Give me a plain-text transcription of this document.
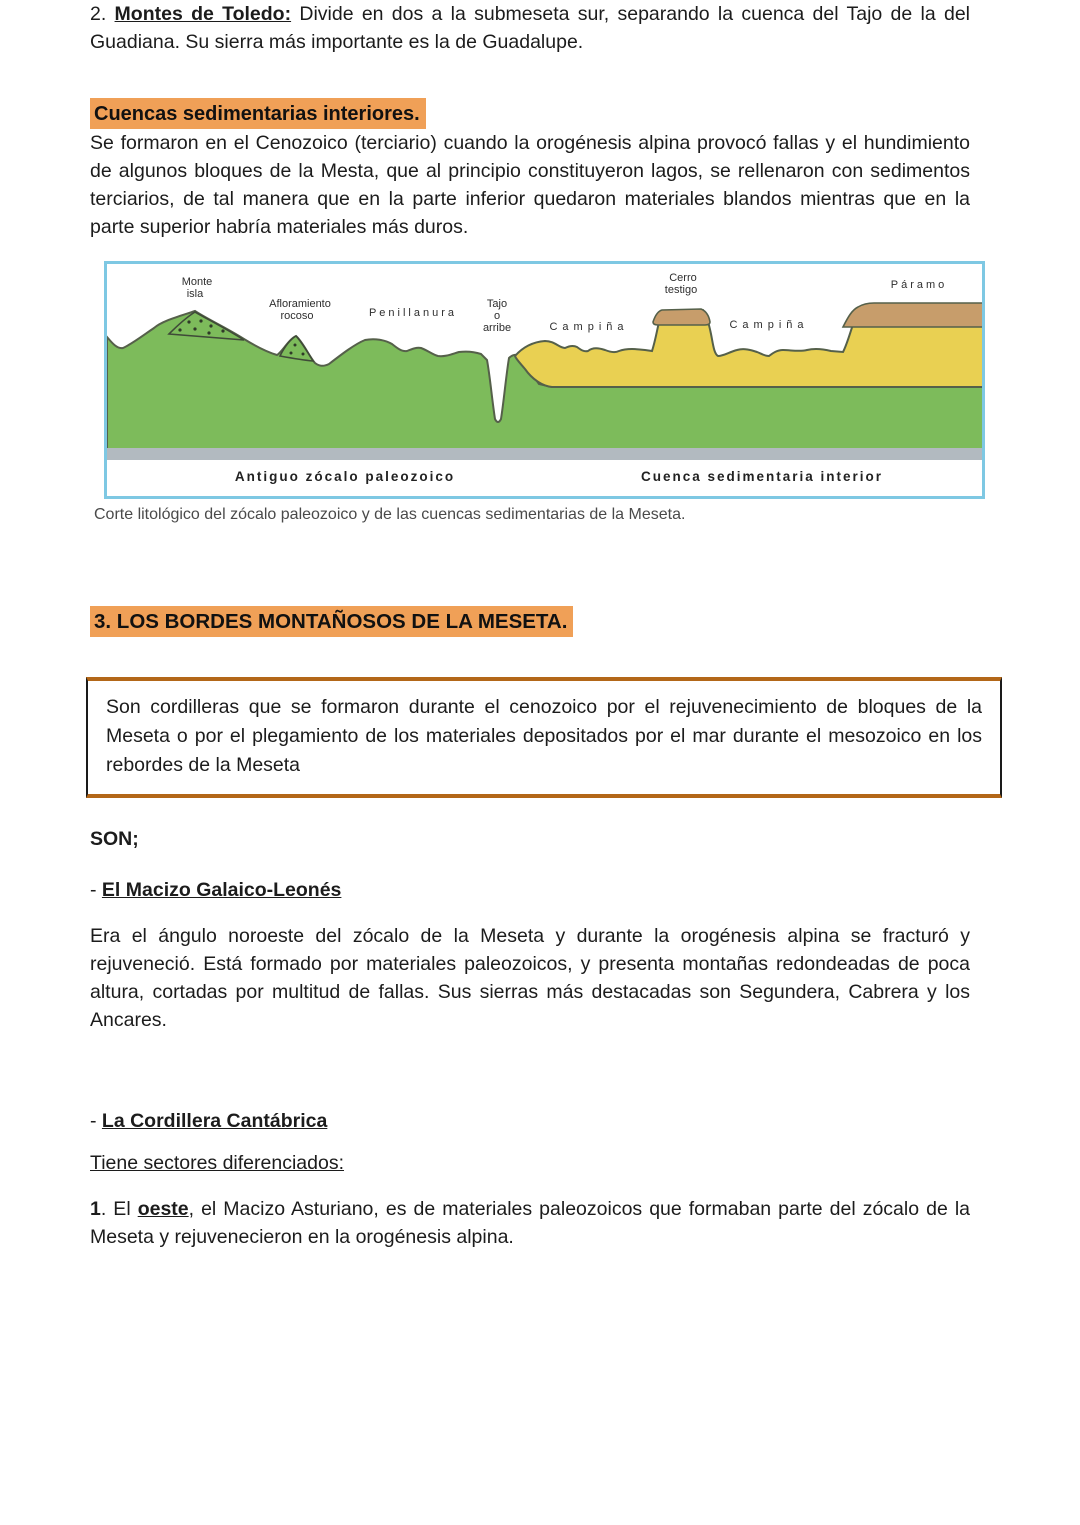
2. Montes de Toledo: Divide en dos a la submeseta sur, separando la cuenca del Tajo de la del Guadiana. Su sierra más importante es la de Guadalupe.

Cuencas sedimentarias interiores.

Se formaron en el Cenozoico (terciario) cuando la orogénesis alpina provocó fallas y el hundimiento de algunos bloques de la Mesta, que al principio constituyeron lagos, se rellenaron con sedimentos terciarios, de tal manera que en la parte inferior quedaron materiales blandos mientras que en la parte superior habría materiales más duros.

Monte
isla
Afloramiento
rocoso	Penillanura
Tajo
o
arribe	Campiña
Cerro
testigo
Campiña
Páramo
Antiguo zócalo paleozoico	Cuenca sedimentaria interior

Corte litológico del zócalo paleozoico y de las cuencas sedimentarias de la Meseta.

3. LOS BORDES MONTAÑOSOS DE LA MESETA.

Son cordilleras que se formaron durante el cenozoico por el rejuvenecimiento de bloques de la Meseta o por el plegamiento de los materiales depositados por el mar durante el mesozoico en los rebordes de la Meseta

SON;

- El Macizo Galaico-Leonés

Era el ángulo noroeste del zócalo de la Meseta y durante la orogénesis alpina se fracturó y rejuveneció. Está formado por materiales paleozoicos, y presenta montañas redondeadas de poca altura, cortadas por multitud de fallas. Sus sierras más destacadas son Segundera, Cabrera y los Ancares.

- La Cordillera Cantábrica

Tiene sectores diferenciados:

1. El oeste, el Macizo Asturiano, es de materiales paleozoicos que formaban parte del zócalo de la Meseta y rejuvenecieron en la orogénesis alpina.
